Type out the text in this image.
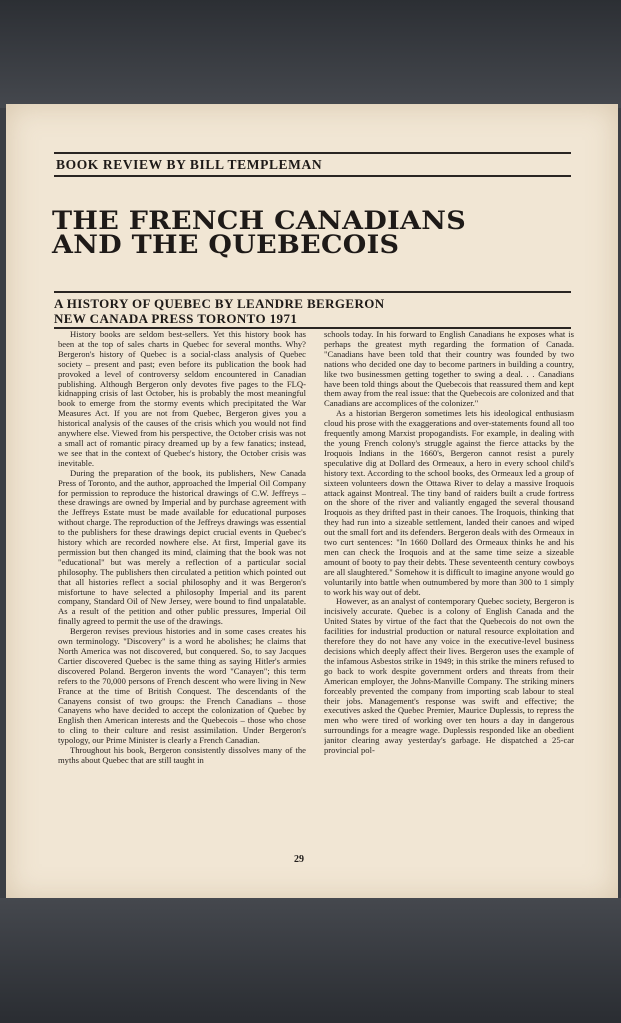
BOOK REVIEW BY BILL TEMPLEMAN
THE FRENCH CANADIANS
AND THE QUEBECOIS
A HISTORY OF QUEBEC BY LEANDRE BERGERON
NEW CANADA PRESS TORONTO 1971

History books are seldom best-sellers. Yet this history book has been at the top of sales charts in Quebec for several months. Why? Bergeron's history of Quebec is a social-class analysis of Quebec society – present and past; even before its publication the book had provoked a level of controversy seldom encountered in Canadian publishing. Although Bergeron only devotes five pages to the FLQ-kidnapping crisis of last October, his is probably the most meaningful book to emerge from the stormy events which precipitated the War Measures Act. If you are not from Quebec, Bergeron gives you a historical analysis of the causes of the crisis which you would not find anywhere else. Viewed from his perspective, the October crisis was not a small act of romantic piracy dreamed up by a few fanatics; instead, we see that in the context of Quebec's history, the October crisis was inevitable.

During the preparation of the book, its publishers, New Canada Press of Toronto, and the author, approached the Imperial Oil Company for permission to reproduce the historical drawings of C.W. Jeffreys – these drawings are owned by Imperial and by purchase agreement with the Jeffreys Estate must be made available for educational purposes without charge. The reproduction of the Jeffreys drawings was essential to the publishers for these drawings depict crucial events in Quebec's history which are recorded nowhere else. At first, Imperial gave its permission but then changed its mind, claiming that the book was not "educational" but was merely a reflection of a particular social philosophy. The publishers then circulated a petition which pointed out that all histories reflect a social philosophy and it was Bergeron's misfortune to have selected a philosophy Imperial and its parent company, Standard Oil of New Jersey, were bound to find unpalatable. As a result of the petition and other public pressures, Imperial Oil finally agreed to permit the use of the drawings.

Bergeron revises previous histories and in some cases creates his own terminology. "Discovery" is a word he abolishes; he claims that North America was not discovered, but conquered. So, to say Jacques Cartier discovered Quebec is the same thing as saying Hitler's armies discovered Poland. Bergeron invents the word "Canayen"; this term refers to the 70,000 persons of French descent who were living in New France at the time of British Conquest. The descendants of the Canayens consist of two groups: the French Canadians – those Canayens who have decided to accept the colonization of Quebec by English then American interests and the Quebecois – those who chose to cling to their culture and resist assimilation. Under Bergeron's typology, our Prime Minister is clearly a French Canadian.

Throughout his book, Bergeron consistently dissolves many of the myths about Quebec that are still taught in

schools today. In his forward to English Canadians he exposes what is perhaps the greatest myth regarding the formation of Canada. "Canadians have been told that their country was founded by two nations who decided one day to become partners in building a country, like two businessmen getting together to swing a deal. . . Canadians have been told things about the Quebecois that reassured them and kept them away from the real issue: that the Quebecois are colonized and that Canadians are accomplices of the colonizer."

As a historian Bergeron sometimes lets his ideological enthusiasm cloud his prose with the exaggerations and over-statements found all too frequently among Marxist propogandists. For example, in dealing with the young French colony's struggle against the fierce attacks by the Iroquois Indians in the 1660's, Bergeron cannot resist a purely speculative dig at Dollard des Ormeaux, a hero in every school child's history text. According to the school books, des Ormeaux led a group of sixteen volunteers down the Ottawa River to delay a massive Iroquois attack against Montreal. The tiny band of raiders built a crude fortress on the shore of the river and valiantly engaged the several thousand Iroquois as they drifted past in their canoes. The Iroquois, thinking that they had run into a sizeable settlement, landed their canoes and wiped out the small fort and its defenders. Bergeron deals with des Ormeaux in two curt sentences: "In 1660 Dollard des Ormeaux thinks he and his men can check the Iroquois and at the same time seize a sizeable amount of booty to pay their debts. These seventeenth century cowboys are all slaughtered." Somehow it is difficult to imagine anyone would go voluntarily into battle when outnumbered by more than 300 to 1 simply to work his way out of debt.

However, as an analyst of contemporary Quebec society, Bergeron is incisively accurate. Quebec is a colony of English Canada and the United States by virtue of the fact that the Quebecois do not own the facilities for industrial production or natural resource exploitation and therefore they do not have any voice in the executive-level business decisions which deeply affect their lives. Bergeron uses the example of the infamous Asbestos strike in 1949; in this strike the miners refused to go back to work despite government orders and threats from their American employer, the Johns-Manville Company. The striking miners forceably prevented the company from importing scab labour to steal their jobs. Management's response was swift and effective; the executives asked the Quebec Premier, Maurice Duplessis, to repress the men who were tired of working over ten hours a day in dangerous surroundings for a meagre wage. Duplessis responded like an obedient janitor clearing away yesterday's garbage. He dispatched a 25-car provincial pol-

29
